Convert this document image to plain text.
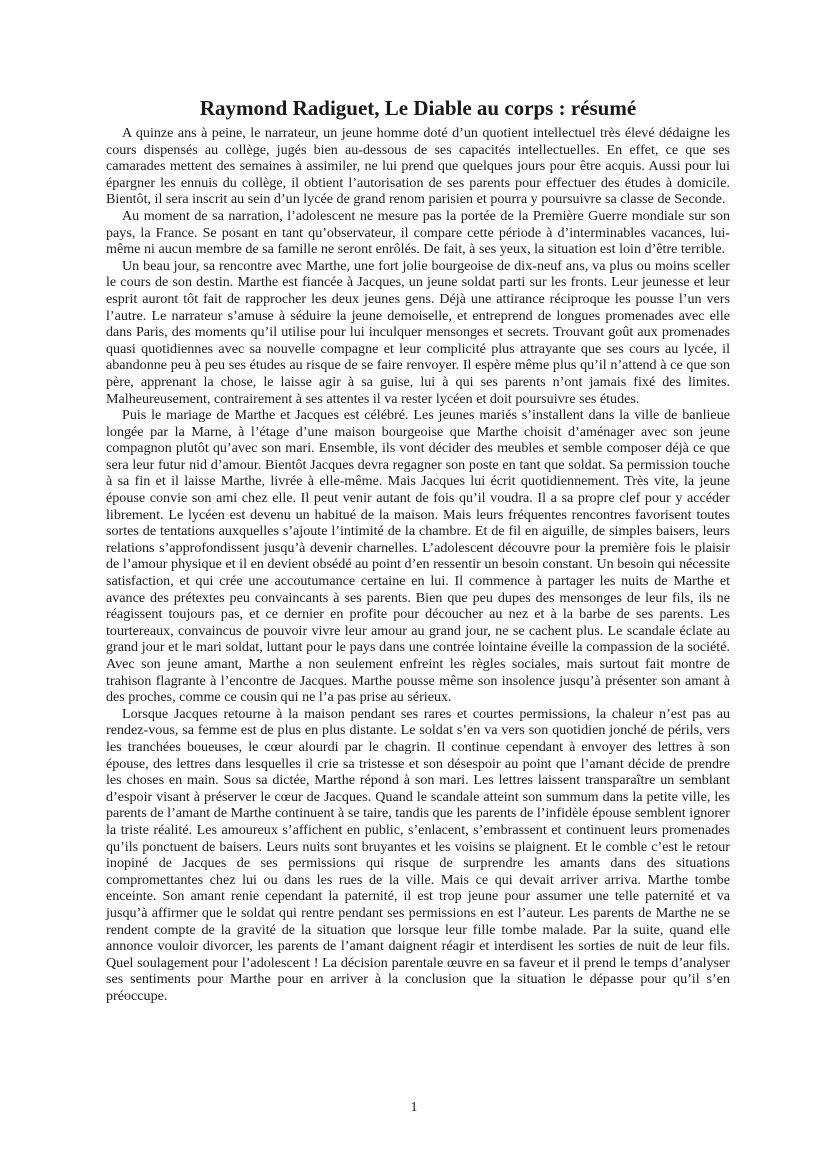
Raymond Radiguet, Le Diable au corps : résumé

A quinze ans à peine, le narrateur, un jeune homme doté d’un quotient intellectuel très élevé dédaigne les cours dispensés au collège, jugés bien au-dessous de ses capacités intellectuelles. En effet, ce que ses camarades mettent des semaines à assimiler, ne lui prend que quelques jours pour être acquis. Aussi pour lui épargner les ennuis du collège, il obtient l’autorisation de ses parents pour effectuer des études à domicile. Bientôt, il sera inscrit au sein d’un lycée de grand renom parisien et pourra y poursuivre sa classe de Seconde.

Au moment de sa narration, l’adolescent ne mesure pas la portée de la Première Guerre mondiale sur son pays, la France. Se posant en tant qu’observateur, il compare cette période à d’interminables vacances, lui-même ni aucun membre de sa famille ne seront enrôlés. De fait, à ses yeux, la situation est loin d’être terrible.

Un beau jour, sa rencontre avec Marthe, une fort jolie bourgeoise de dix-neuf ans, va plus ou moins sceller le cours de son destin. Marthe est fiancée à Jacques, un jeune soldat parti sur les fronts. Leur jeunesse et leur esprit auront tôt fait de rapprocher les deux jeunes gens. Déjà une attirance réciproque les pousse l’un vers l’autre. Le narrateur s’amuse à séduire la jeune demoiselle, et entreprend de longues promenades avec elle dans Paris, des moments qu’il utilise pour lui inculquer mensonges et secrets. Trouvant goût aux promenades quasi quotidiennes avec sa nouvelle compagne et leur complicité plus attrayante que ses cours au lycée, il abandonne peu à peu ses études au risque de se faire renvoyer. Il espère même plus qu’il n’attend à ce que son père, apprenant la chose, le laisse agir à sa guise, lui à qui ses parents n’ont jamais fixé des limites. Malheureusement, contrairement à ses attentes il va rester lycéen et doit poursuivre ses études.

Puis le mariage de Marthe et Jacques est célébré. Les jeunes mariés s’installent dans la ville de banlieue longée par la Marne, à l’étage d’une maison bourgeoise que Marthe choisit d’aménager avec son jeune compagnon plutôt qu’avec son mari. Ensemble, ils vont décider des meubles et semble composer déjà ce que sera leur futur nid d’amour. Bientôt Jacques devra regagner son poste en tant que soldat. Sa permission touche à sa fin et il laisse Marthe, livrée à elle-même. Mais Jacques lui écrit quotidiennement. Très vite, la jeune épouse convie son ami chez elle. Il peut venir autant de fois qu’il voudra. Il a sa propre clef pour y accéder librement. Le lycéen est devenu un habitué de la maison. Mais leurs fréquentes rencontres favorisent toutes sortes de tentations auxquelles s’ajoute l’intimité de la chambre. Et de fil en aiguille, de simples baisers, leurs relations s’approfondissent jusqu’à devenir charnelles. L’adolescent découvre pour la première fois le plaisir de l’amour physique et il en devient obsédé au point d’en ressentir un besoin constant. Un besoin qui nécessite satisfaction, et qui crée une accoutumance certaine en lui. Il commence à partager les nuits de Marthe et avance des prétextes peu convaincants à ses parents. Bien que peu dupes des mensonges de leur fils, ils ne réagissent toujours pas, et ce dernier en profite pour découcher au nez et à la barbe de ses parents. Les tourtereaux, convaincus de pouvoir vivre leur amour au grand jour, ne se cachent plus. Le scandale éclate au grand jour et le mari soldat, luttant pour le pays dans une contrée lointaine éveille la compassion de la société. Avec son jeune amant, Marthe a non seulement enfreint les règles sociales, mais surtout fait montre de trahison flagrante à l’encontre de Jacques. Marthe pousse même son insolence jusqu’à présenter son amant à des proches, comme ce cousin qui ne l’a pas prise au sérieux.

Lorsque Jacques retourne à la maison pendant ses rares et courtes permissions, la chaleur n’est pas au rendez-vous, sa femme est de plus en plus distante. Le soldat s’en va vers son quotidien jonché de périls, vers les tranchées boueuses, le cœur alourdi par le chagrin. Il continue cependant à envoyer des lettres à son épouse, des lettres dans lesquelles il crie sa tristesse et son désespoir au point que l’amant décide de prendre les choses en main. Sous sa dictée, Marthe répond à son mari. Les lettres laissent transparaître un semblant d’espoir visant à préserver le cœur de Jacques. Quand le scandale atteint son summum dans la petite ville, les parents de l’amant de Marthe continuent à se taire, tandis que les parents de l’infidèle épouse semblent ignorer la triste réalité. Les amoureux s’affichent en public, s’enlacent, s’embrassent et continuent leurs promenades qu’ils ponctuent de baisers. Leurs nuits sont bruyantes et les voisins se plaignent. Et le comble c’est le retour inopiné de Jacques de ses permissions qui risque de surprendre les amants dans des situations compromettantes chez lui ou dans les rues de la ville. Mais ce qui devait arriver arriva. Marthe tombe enceinte. Son amant renie cependant la paternité, il est trop jeune pour assumer une telle paternité et va jusqu’à affirmer que le soldat qui rentre pendant ses permissions en est l’auteur. Les parents de Marthe ne se rendent compte de la gravité de la situation que lorsque leur fille tombe malade. Par la suite, quand elle annonce vouloir divorcer, les parents de l’amant daignent réagir et interdisent les sorties de nuit de leur fils. Quel soulagement pour l’adolescent ! La décision parentale œuvre en sa faveur et il prend le temps d’analyser ses sentiments pour Marthe pour en arriver à la conclusion que la situation le dépasse pour qu’il s’en préoccupe.

1
